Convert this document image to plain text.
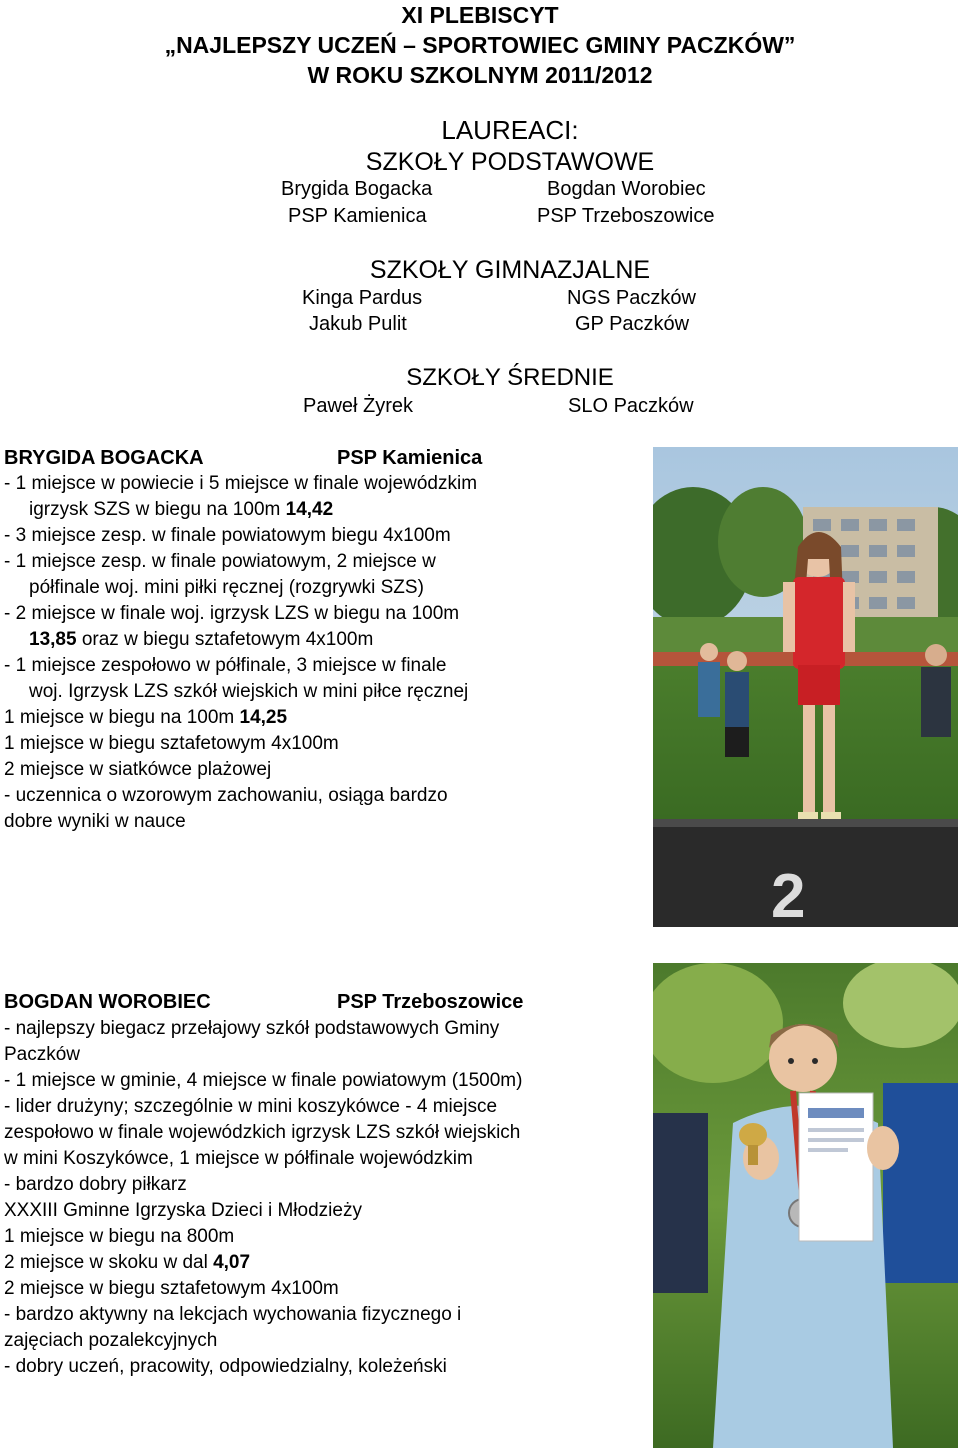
XI PLEBISCYT
„NAJLEPSZY UCZEŃ – SPORTOWIEC GMINY PACZKÓW”
W ROKU SZKOLNYM 2011/2012
LAUREACI:
SZKOŁY PODSTAWOWE
Brygida Bogacka
PSP Kamienica
Bogdan Worobiec
PSP Trzeboszowice
SZKOŁY GIMNAZJALNE
Kinga Pardus	NGS Paczków
Jakub Pulit	GP Paczków
SZKOŁY ŚREDNIE
Paweł Żyrek	SLO Paczków
BRYGIDA BOGACKA	PSP Kamienica
- 1 miejsce w powiecie i 5 miejsce w finale wojewódzkim
igrzysk SZS w biegu na 100m 14,42
- 3 miejsce zesp. w finale powiatowym biegu 4x100m
- 1 miejsce zesp. w finale powiatowym, 2 miejsce w
półfinale woj. mini piłki ręcznej (rozgrywki SZS)
- 2 miejsce w finale woj. igrzysk LZS w biegu na 100m
13,85 oraz w biegu sztafetowym 4x100m
- 1 miejsce zespołowo w półfinale, 3 miejsce w finale
woj. Igrzysk LZS szkół wiejskich w mini piłce ręcznej
1 miejsce w biegu na 100m 14,25
1 miejsce w biegu sztafetowym 4x100m
2 miejsce w siatkówce plażowej
- uczennica o wzorowym zachowaniu, osiąga bardzo
dobre wyniki w nauce
2
BOGDAN WOROBIEC	PSP Trzeboszowice
- najlepszy biegacz przełajowy szkół podstawowych Gminy
Paczków
- 1 miejsce w gminie, 4 miejsce w finale powiatowym (1500m)
- lider drużyny; szczególnie w mini koszykówce - 4 miejsce
zespołowo w finale wojewódzkich igrzysk LZS szkół wiejskich
w mini Koszykówce, 1 miejsce w półfinale wojewódzkim
- bardzo dobry piłkarz
XXXIII Gminne Igrzyska Dzieci i Młodzieży
1 miejsce w biegu na 800m
2 miejsce w skoku w dal 4,07
2 miejsce w biegu sztafetowym 4x100m
- bardzo aktywny na lekcjach wychowania fizycznego i
zajęciach pozalekcyjnych
- dobry uczeń, pracowity, odpowiedzialny, koleżeński
